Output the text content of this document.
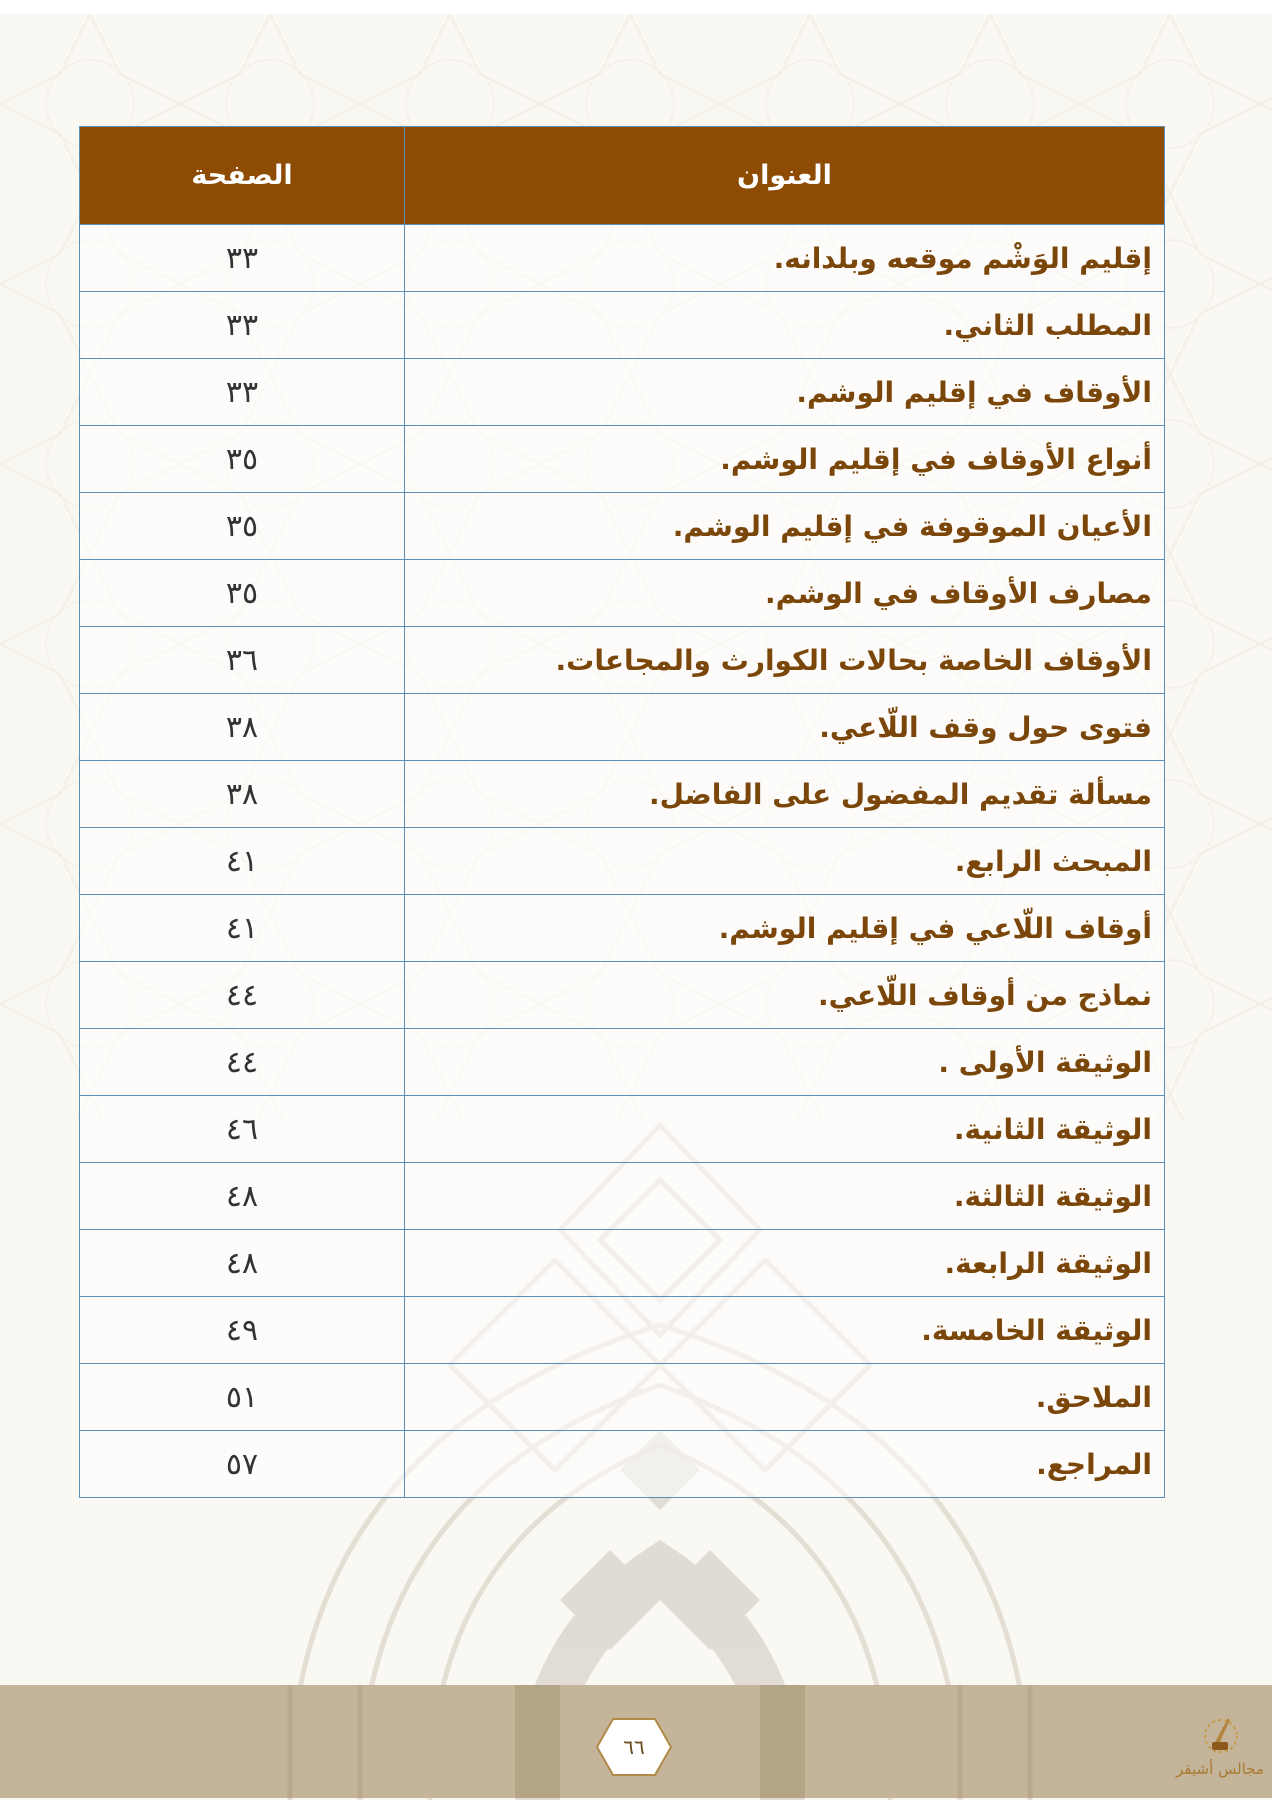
العنوان	الصفحة
إقليم الوَشْم موقعه وبلدانه.	٣٣
المطلب الثاني.	٣٣
الأوقاف في إقليم الوشم.	٣٣
أنواع الأوقاف في إقليم الوشم.	٣٥
الأعيان الموقوفة في إقليم الوشم.	٣٥
مصارف الأوقاف في الوشم.	٣٥
الأوقاف الخاصة بحالات الكوارث والمجاعات.	٣٦
فتوى حول وقف اللّاعي.	٣٨
مسألة تقديم المفضول على الفاضل.	٣٨
المبحث الرابع.	٤١
أوقاف اللّاعي في إقليم الوشم.	٤١
نماذج من أوقاف اللّاعي.	٤٤
الوثيقة الأولى .	٤٤
الوثيقة الثانية.	٤٦
الوثيقة الثالثة.	٤٨
الوثيقة الرابعة.	٤٨
الوثيقة الخامسة.	٤٩
الملاحق.	٥١
المراجع.	٥٧
٦٦
مجالس أشيقر
